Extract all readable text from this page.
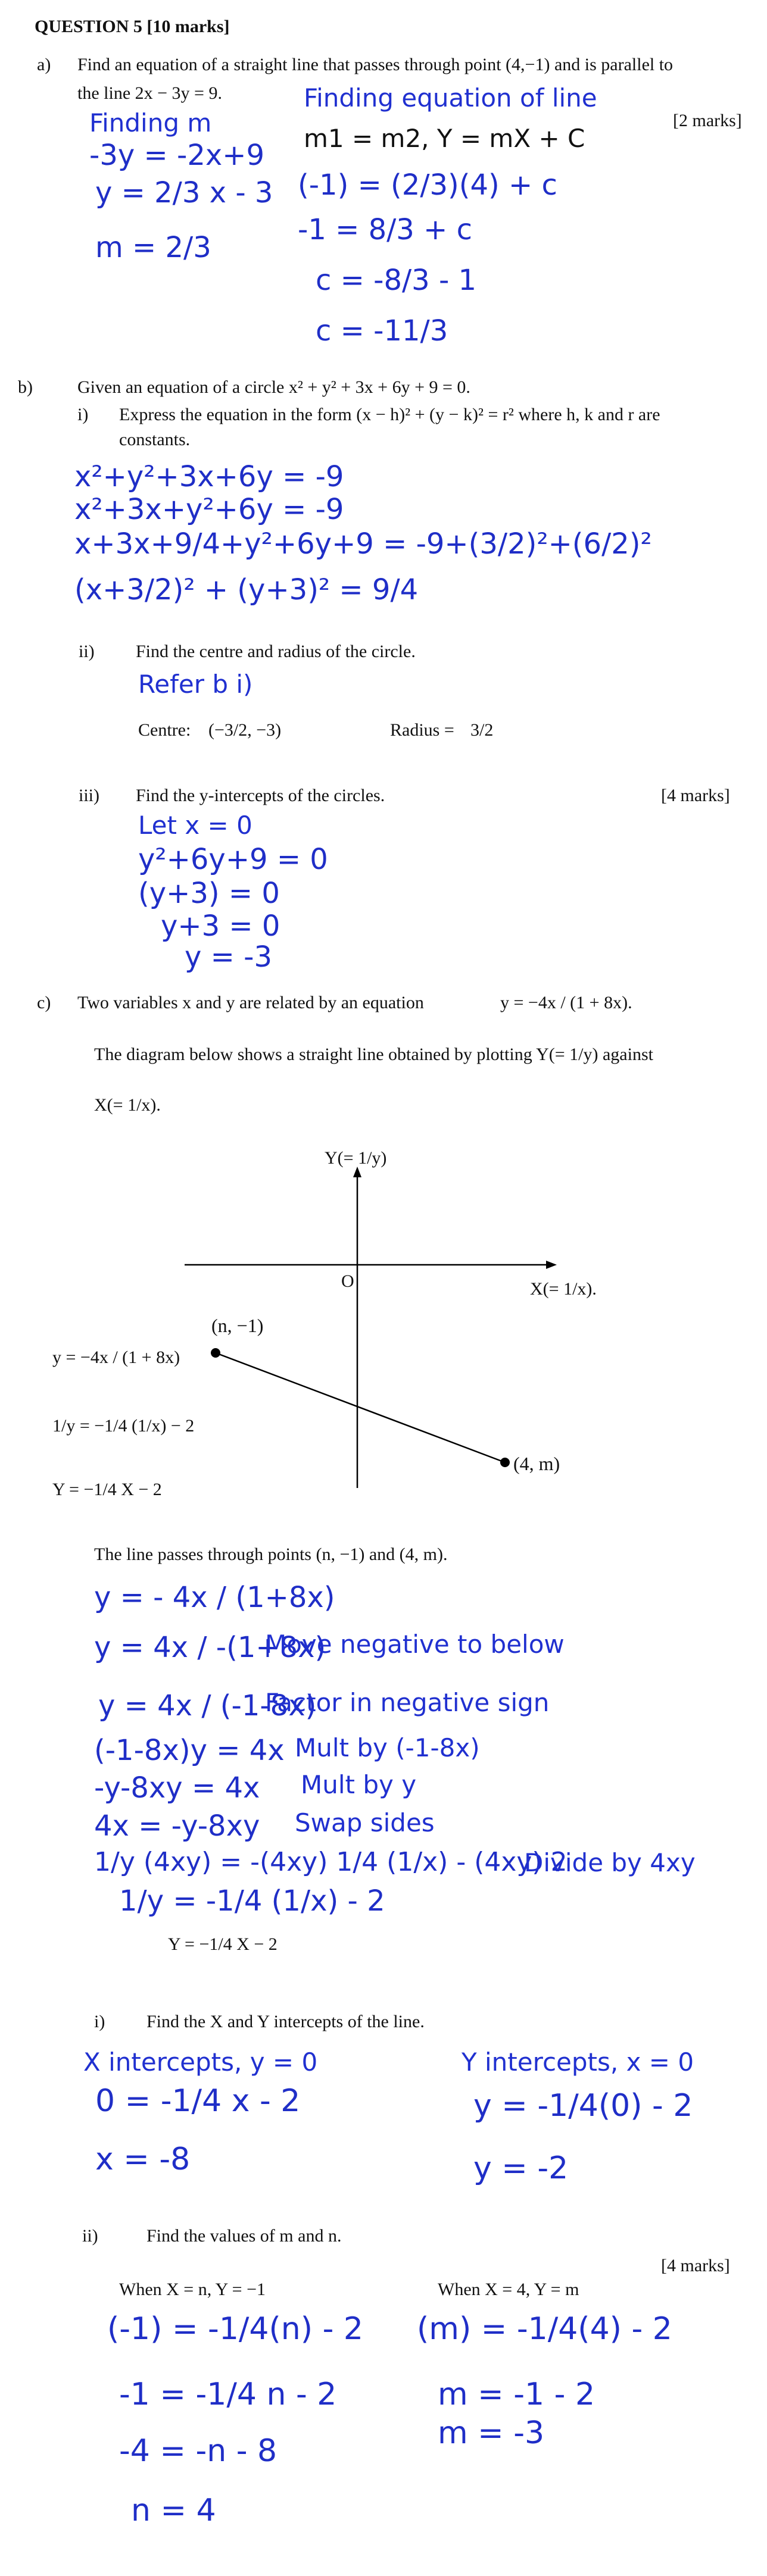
QUESTION 5 [10 marks]
a) Find an equation of a straight line that passes through point (4,−1) and is parallel to
the line 2x − 3y = 9.
[2 marks]
Finding m
Finding equation of line
m1 = m2, Y = mX + C
-3y = -2x+9
y = 2/3 x - 3
m = 2/3
(-1) = (2/3)(4) + c
-1 = 8/3 + c
c = -8/3 - 1
c = -11/3
b)	Given an equation of a circle x² + y² + 3x + 6y + 9 = 0.
i) Express the equation in the form (x − h)² + (y − k)² = r² where h, k and r are
constants.
x²+y²+3x+6y = -9
x²+3x+y²+6y = -9
x+3x+9/4+y²+6y+9 = -9+(3/2)²+(6/2)²
(x+3/2)² + (y+3)² = 9/4
ii) Find the centre and radius of the circle.
Refer b i)
Centre: (−3/2, −3)	Radius = 3/2
iii) Find the y-intercepts of the circles.	[4 marks]
Let x = 0
y²+6y+9 = 0
(y+3) = 0
y+3 = 0
y = -3
c) Two variables x and y are related by an equation	y = −4x / (1 + 8x).
The diagram below shows a straight line obtained by plotting Y(= 1/y) against
X(= 1/x).
Y(= 1/y)
X(= 1/x).
O
(n, −1)
(4, m)
y = −4x / (1 + 8x)
1/y = −1/4 (1/x) − 2
Y = −1/4 X − 2
The line passes through points (n, −1) and (4, m).
y = - 4x / (1+8x)
y = 4x / -(1+8x)
Move negative to below
y = 4x / (-1-8x)
Factor in negative sign
(-1-8x)y = 4x Mult by (-1-8x)
-y-8xy = 4x Mult by y
4x = -y-8xy Swap sides
1/y (4xy) = -(4xy) 1/4 (1/x) - (4xy) 2
Divide by 4xy
1/y = -1/4 (1/x) - 2
Y = −1/4 X − 2
i) Find the X and Y intercepts of the line.
X intercepts, y = 0
0 = -1/4 x - 2
x = -8
Y intercepts, x = 0
y = -1/4(0) - 2
y = -2
ii)	Find the values of m and n.
[4 marks]
When X = n, Y = −1	When X = 4, Y = m
(-1) = -1/4(n) - 2
-1 = -1/4 n - 2
-4 = -n - 8
n = 4
(m) = -1/4(4) - 2
m = -1 - 2
m = -3
